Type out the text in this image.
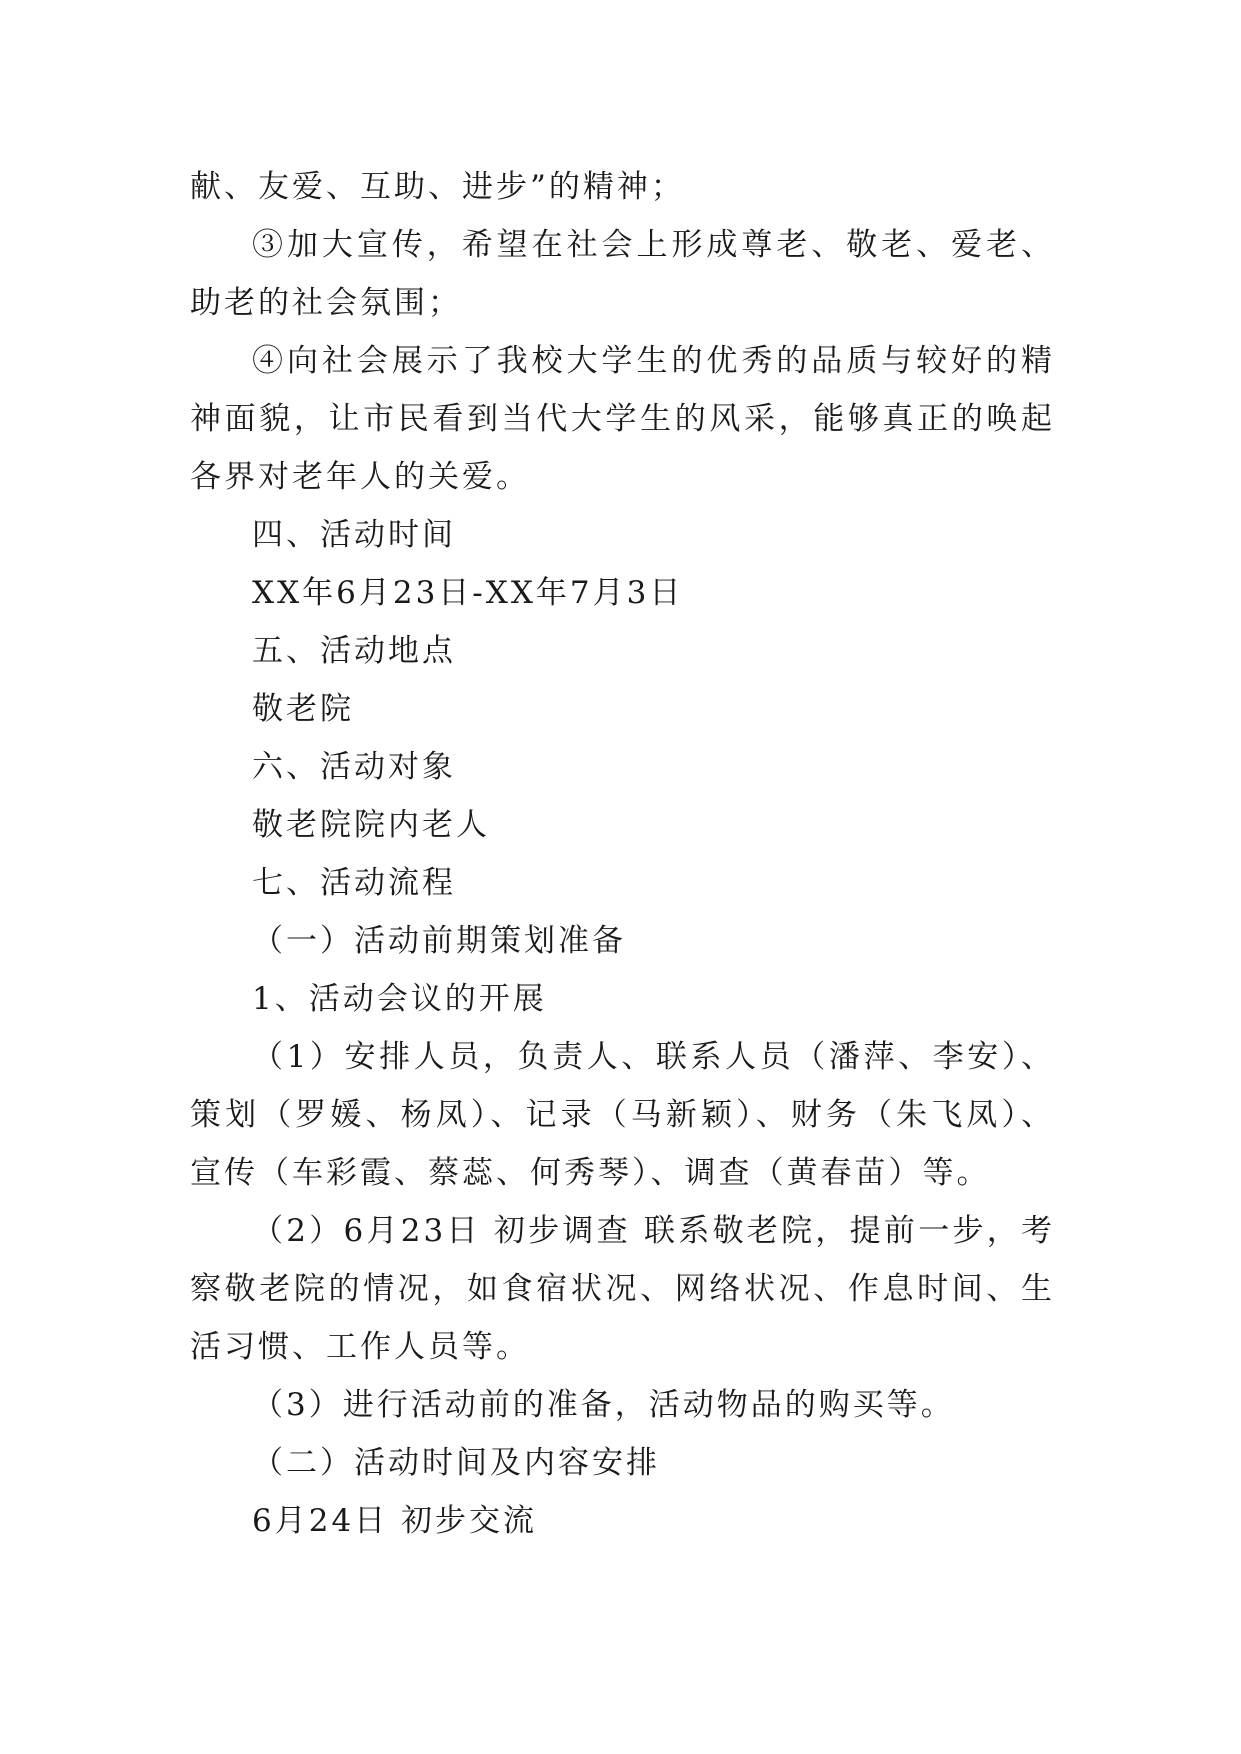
献、友爱、互助、进步”的精神；

③加大宣传，希望在社会上形成尊老、敬老、爱老、助老的社会氛围；

④向社会展示了我校大学生的优秀的品质与较好的精神面貌，让市民看到当代大学生的风采，能够真正的唤起各界对老年人的关爱。

四、活动时间

XX年6月23日-XX年7月3日

五、活动地点

敬老院

六、活动对象

敬老院院内老人

七、活动流程

（一）活动前期策划准备

1、活动会议的开展

（1）安排人员，负责人、联系人员（潘萍、李安）、策划（罗媛、杨凤）、记录（马新颖）、财务（朱飞凤）、宣传（车彩霞、蔡蕊、何秀琴）、调查（黄春苗）等。

（2）6月23日 初步调查 联系敬老院，提前一步，考察敬老院的情况，如食宿状况、网络状况、作息时间、生活习惯、工作人员等。

（3）进行活动前的准备，活动物品的购买等。

（二）活动时间及内容安排

6月24日 初步交流
